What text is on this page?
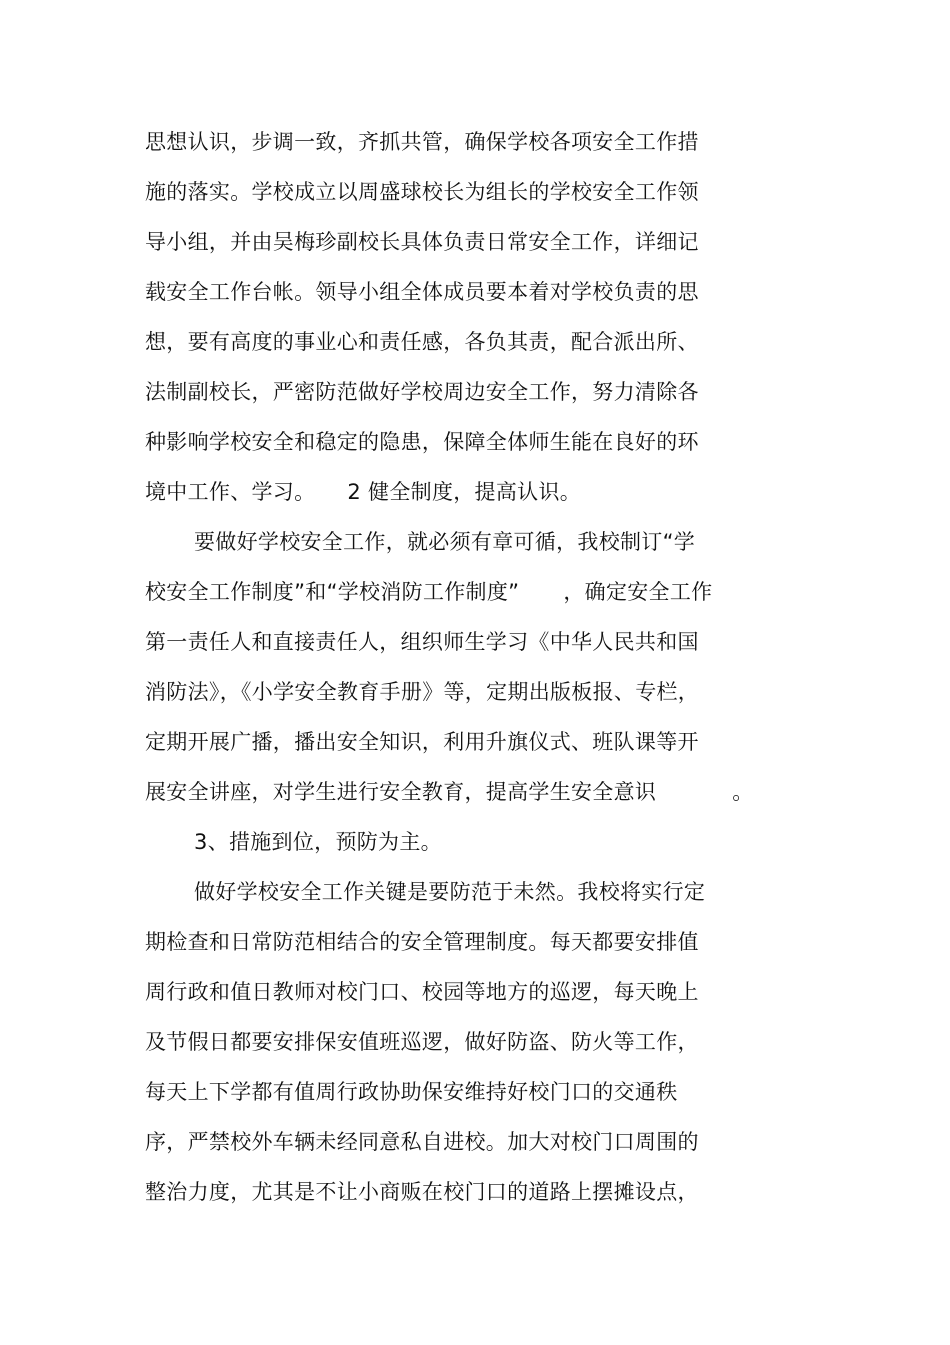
思想认识，步调一致，齐抓共管，确保学校各项安全工作措
施的落实。学校成立以周盛球校长为组长的学校安全工作领
导小组，并由吴梅珍副校长具体负责日常安全工作，详细记
载安全工作台帐。领导小组全体成员要本着对学校负责的思
想，要有高度的事业心和责任感，各负其责，配合派出所、
法制副校长，严密防范做好学校周边安全工作，努力清除各
种影响学校安全和稳定的隐患，保障全体师生能在良好的环
境中工作、学习。 2 健全制度，提高认识。
要做好学校安全工作，就必须有章可循，我校制订“学
校安全工作制度”和“学校消防工作制度” ，确定安全工作
第一责任人和直接责任人，组织师生学习《中华人民共和国
消防法》，《小学安全教育手册》等，定期出版板报、专栏，
定期开展广播，播出安全知识，利用升旗仪式、班队课等开
展安全讲座，对学生进行安全教育，提高学生安全意识	。
3、措施到位，预防为主。
做好学校安全工作关键是要防范于未然。我校将实行定
期检查和日常防范相结合的安全管理制度。每天都要安排值
周行政和值日教师对校门口、校园等地方的巡逻，每天晚上
及节假日都要安排保安值班巡逻，做好防盗、防火等工作，
每天上下学都有值周行政协助保安维持好校门口的交通秩
序，严禁校外车辆未经同意私自进校。加大对校门口周围的
整治力度，尤其是不让小商贩在校门口的道路上摆摊设点，
